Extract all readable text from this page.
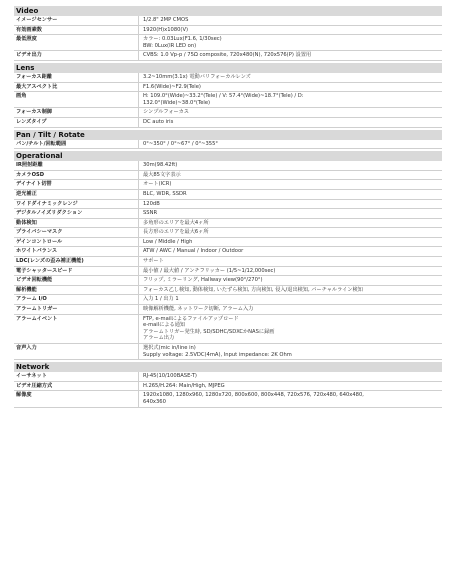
Video
イメージセンサー	1/2.8" 2MP CMOS
有効画素数	1920(H)x1080(V)
最低照度	カラー: 0.03Lux(F1.6, 1/30sec)
BW: 0Lux(IR LED on)
ビデオ出力	CVBS: 1.0 Vp-p / 75Ω composite, 720x480(N), 720x576(P) 設置用
Lens
フォーカス距離	3.2~10mm(3.1x) 電動バリフォーカルレンズ
最大アスペクト比	F1.6(Wide)~F2.9(Tele)
画角	H: 109.0°(Wide)~33.2°(Tele) / V: 57.4°(Wide)~18.7°(Tele) / D:
132.0°(Wide)~38.0°(Tele)
フォーカス制御	シンプルフォーカス
レンズタイプ	DC auto iris
Pan / Tilt / Rotate
パン/チルト/回転範囲	0°~350° / 0°~67° / 0°~355°
Operational
IR照射距離	30m(98.42ft)
カメラOSD	最大85文字表示
デイナイト切替	オート(ICR)
逆光補正	BLC, WDR, SSDR
ワイドダイナミックレンジ	120dB
デジタルノイズリダクション	SSNR
動体検知	多角形のエリアを最大4ヶ所
プライバシーマスク	長方形のエリアを最大6ヶ所
ゲインコントロール	Low / Middle / High
ホワイトバランス	ATW / AWC / Manual / Indoor / Outdoor
LDC(レンズの歪み補正機能)	サポート
電子シャッタースピード	最小値 / 最大値 / アンチフリッカー (1/5~1/12,000sec)
ビデオ回転機能	フリップ, ミラーリング, Hallway view(90°/270°)
解析機能	フォーカス乙し検知, 動体検知, いたずら検知, 方向検知, 侵入/退出検知, バーチャルライン検知

アラーム I/O	入力 1 / 出力 1
アラームトリガー	映像解析機能, ネットワーク切断, アラーム入力
アラームイベント	FTP, e-mailによるファイルアップロード
e-mailによる通知
アラームトリガー発生時, SD/SDHC/SDXCかNASに録画
アラーム出力
音声入力	選択式(mic in/line in)
Supply voltage: 2.5VDC(4mA), Input impedance: 2K Ohm
Network
イーサネット	RJ-45(10/100BASE-T)
ビデオ圧縮方式	H.265/H.264: Main/High, MJPEG
解像度	1920x1080, 1280x960, 1280x720, 800x600, 800x448, 720x576, 720x480, 640x480,
640x360
